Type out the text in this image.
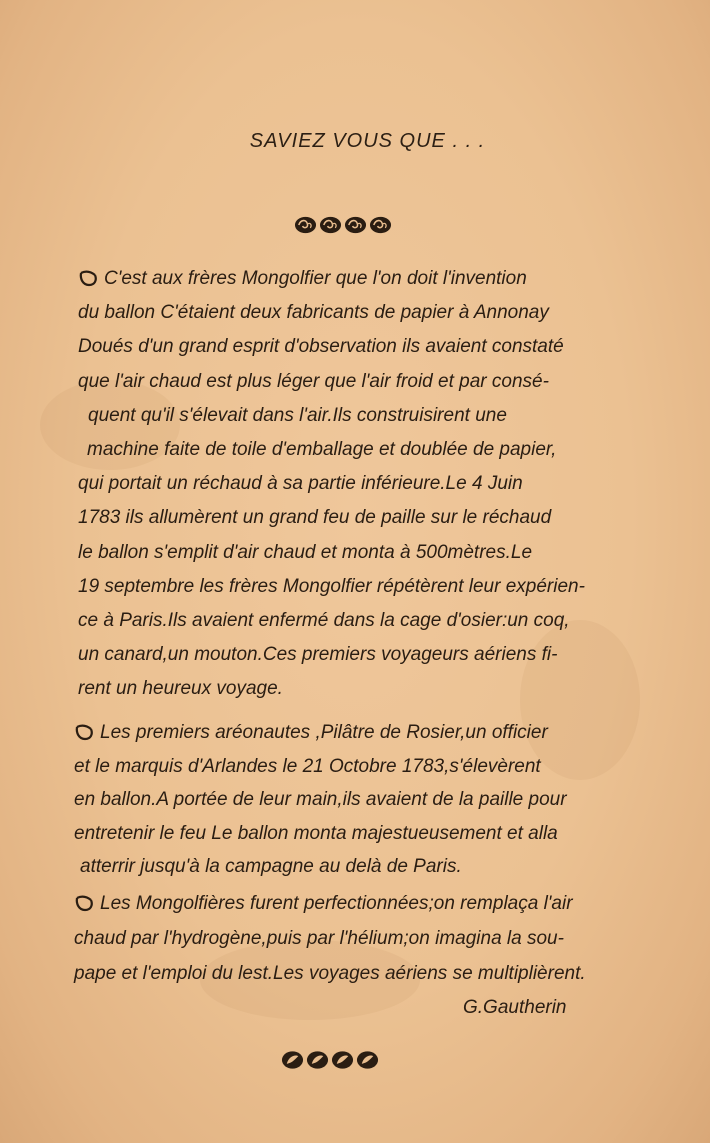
SAVIEZ VOUS QUE . . .
C'est aux frères Mongolfier que l'on doit l'invention
du ballon C'étaient deux fabricants de papier à Annonay
Doués d'un grand esprit d'observation ils avaient constaté
que l'air chaud est plus léger que l'air froid et par consé-
quent qu'il s'élevait dans l'air.Ils construisirent une
machine faite de toile d'emballage et doublée de papier,
qui portait un réchaud à sa partie inférieure.Le 4 Juin
1783 ils allumèrent un grand feu de paille sur le réchaud
le ballon s'emplit d'air chaud et monta à 500mètres.Le
19 septembre les frères Mongolfier répétèrent leur expérien-
ce à Paris.Ils avaient enfermé dans la cage d'osier:un coq,
un canard,un mouton.Ces premiers voyageurs aériens fi-
rent un heureux voyage.
Les premiers aréonautes ,Pilâtre de Rosier,un officier
et le marquis d'Arlandes le 21 Octobre 1783,s'élevèrent
en ballon.A portée de leur main,ils avaient de la paille pour
entretenir le feu Le ballon monta majestueusement et alla
atterrir jusqu'à la campagne au delà de Paris.
Les Mongolfières furent perfectionnées;on remplaça l'air
chaud par l'hydrogène,puis par l'hélium;on imagina la sou-
pape et l'emploi du lest.Les voyages aériens se multiplièrent.
G.Gautherin
